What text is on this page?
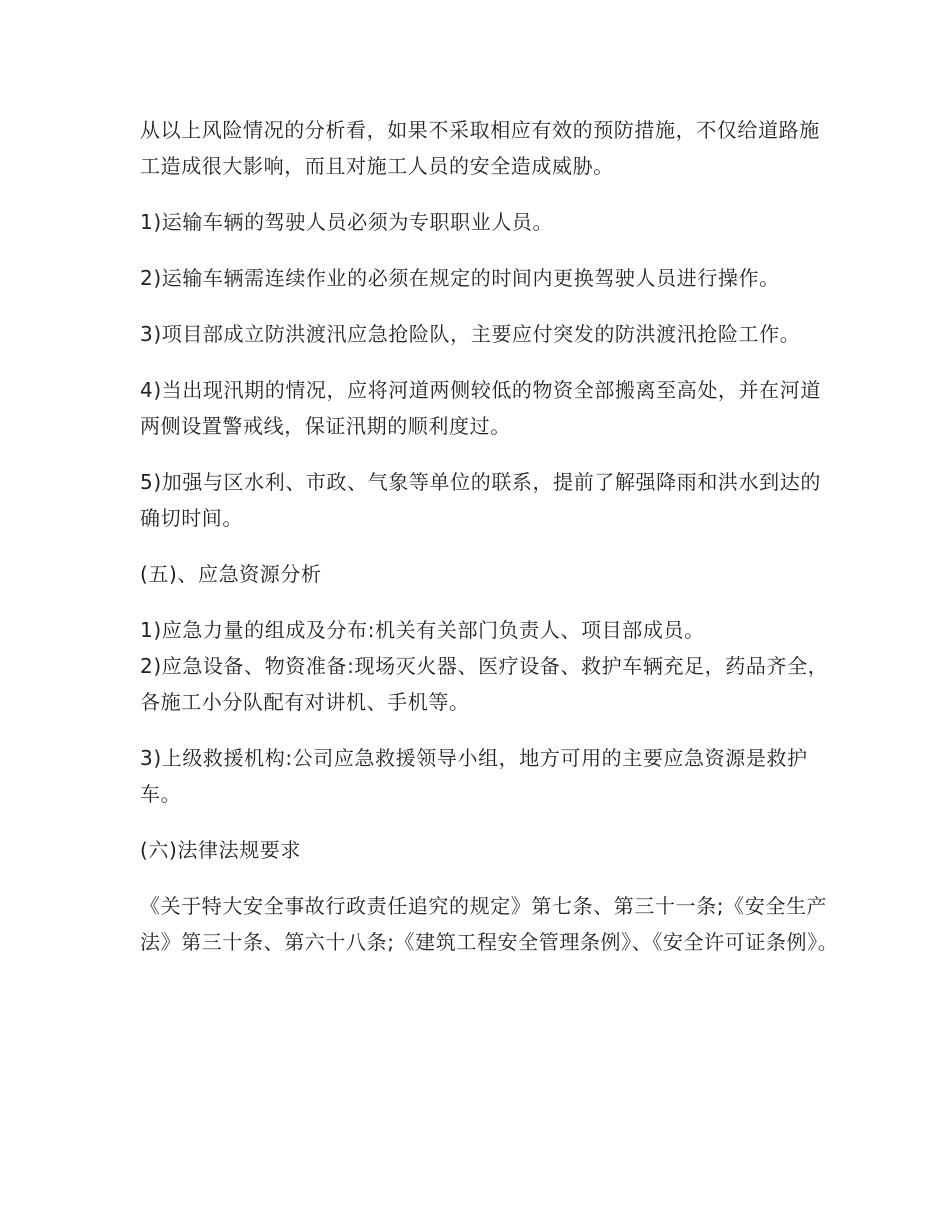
从以上风险情况的分析看，如果不采取相应有效的预防措施，不仅给道路施工造成很大影响，而且对施工人员的安全造成威胁。

1)运输车辆的驾驶人员必须为专职职业人员。

2)运输车辆需连续作业的必须在规定的时间内更换驾驶人员进行操作。

3)项目部成立防洪渡汛应急抢险队，主要应付突发的防洪渡汛抢险工作。

4)当出现汛期的情况，应将河道两侧较低的物资全部搬离至高处，并在河道两侧设置警戒线，保证汛期的顺利度过。

5)加强与区水利、市政、气象等单位的联系，提前了解强降雨和洪水到达的确切时间。

(五)、应急资源分析

1)应急力量的组成及分布:机关有关部门负责人、项目部成员。

2)应急设备、物资准备:现场灭火器、医疗设备、救护车辆充足，药品齐全，各施工小分队配有对讲机、手机等。

3)上级救援机构:公司应急救援领导小组，地方可用的主要应急资源是救护车。

(六)法律法规要求

《关于特大安全事故行政责任追究的规定》第七条、第三十一条;《安全生产法》第三十条、第六十八条;《建筑工程安全管理条例》、《安全许可证条例》。
